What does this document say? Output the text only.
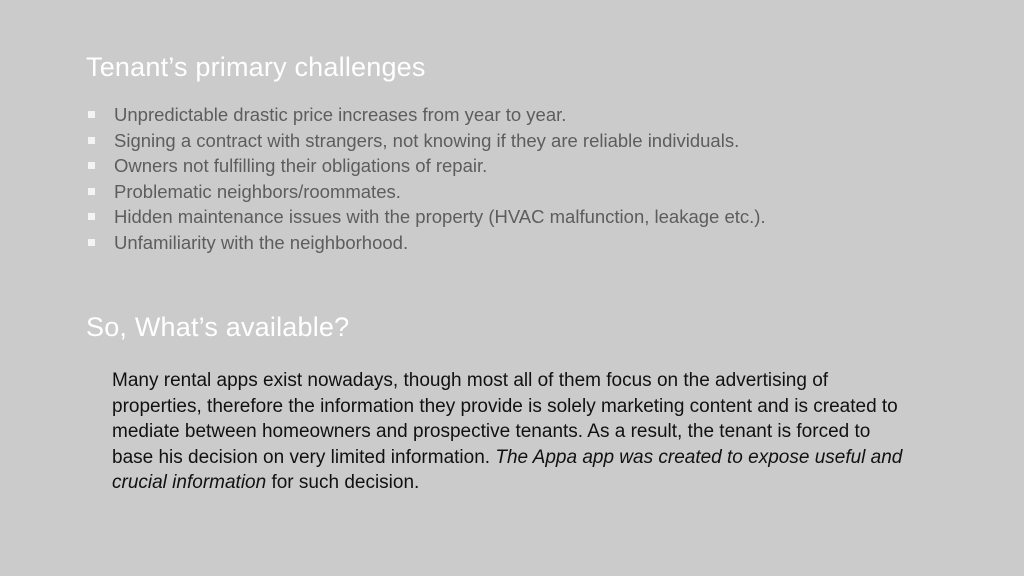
Tenant’s primary challenges
Unpredictable drastic price increases from year to year.
Signing a contract with strangers, not knowing if they are reliable individuals.
Owners not fulfilling their obligations of repair.
Problematic neighbors/roommates.
Hidden maintenance issues with the property (HVAC malfunction, leakage etc.).
Unfamiliarity with the neighborhood.
So, What’s available?

Many rental apps exist nowadays, though most all of them focus on the advertising of properties, therefore the information they provide is solely marketing content and is created to mediate between homeowners and prospective tenants. As a result, the tenant is forced to base his decision on very limited information. The Appa app was created to expose useful and crucial information for such decision.
